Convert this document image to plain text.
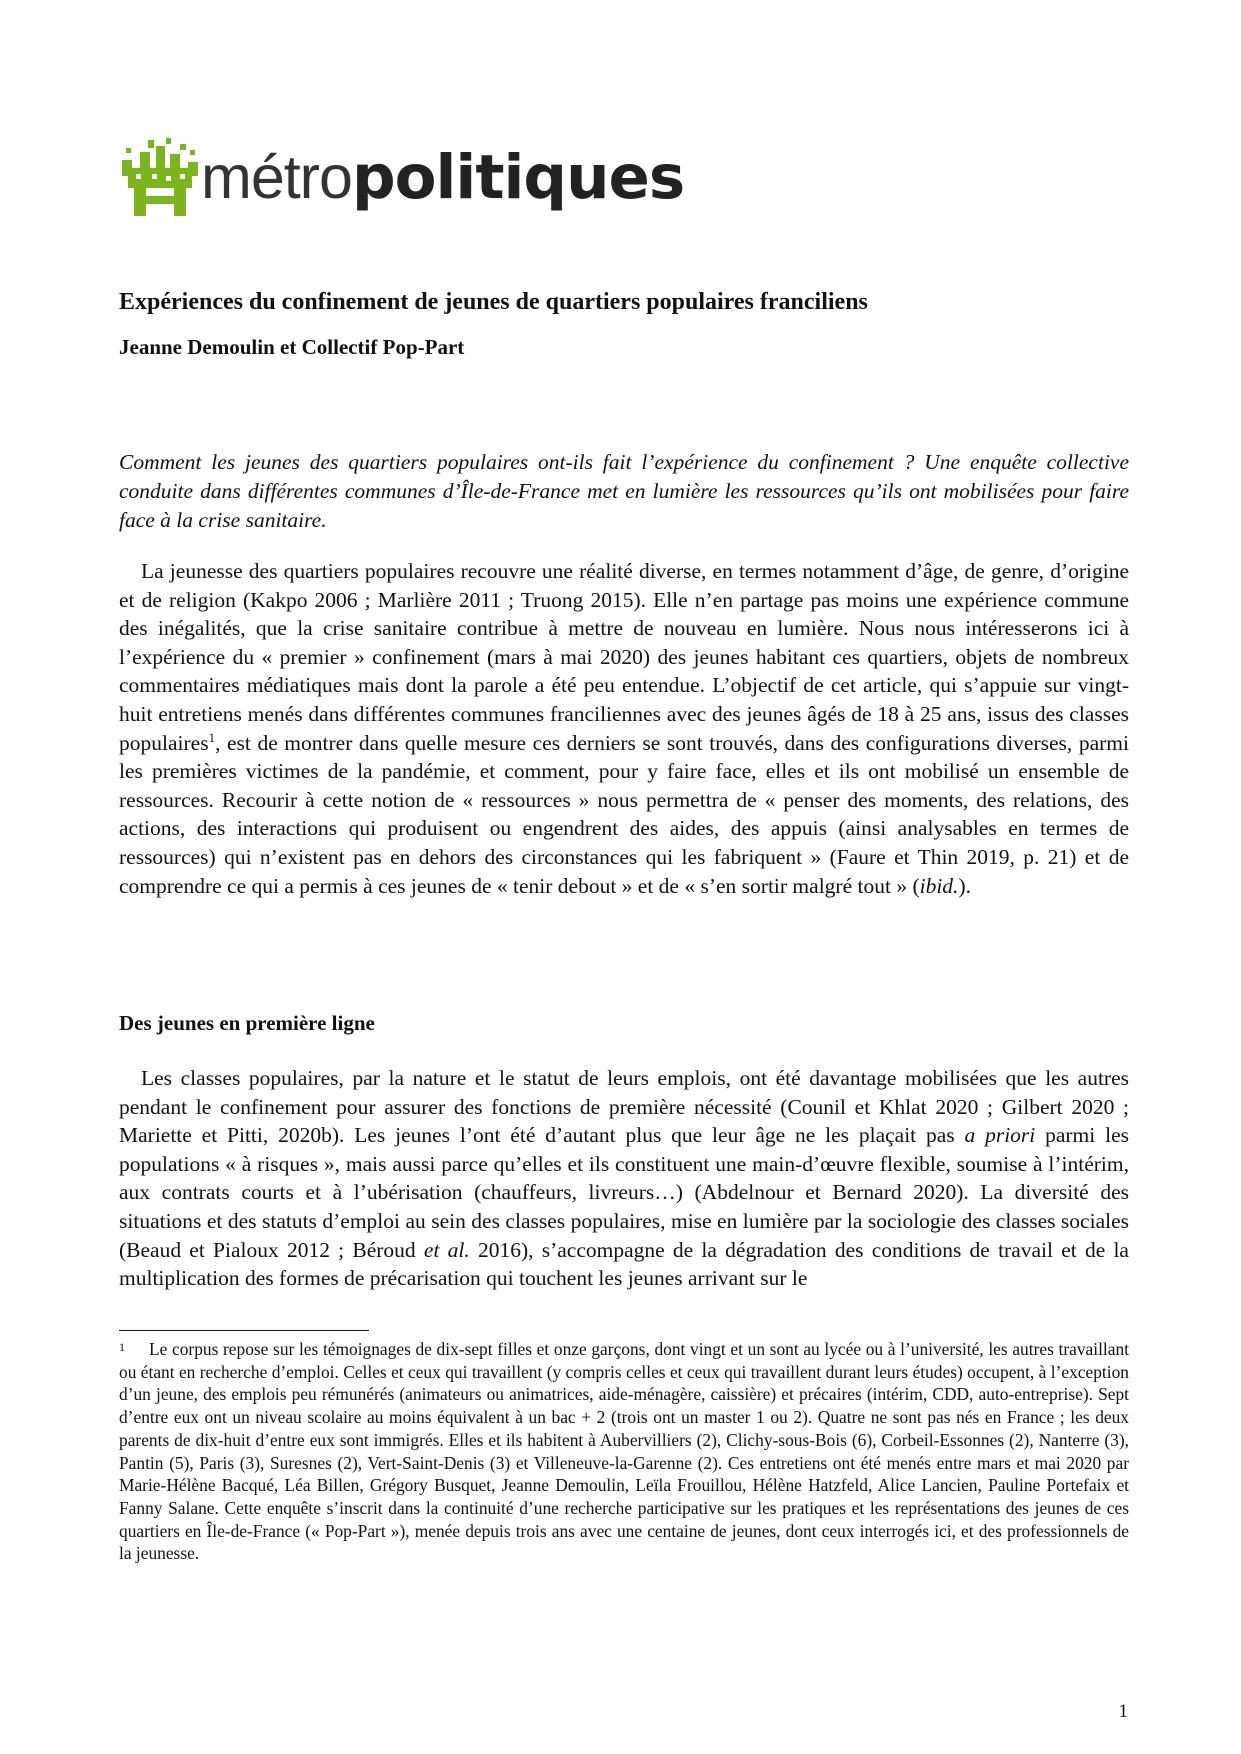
métropolitiques
Expériences du confinement de jeunes de quartiers populaires franciliens

Jeanne Demoulin et Collectif Pop-Part

Comment les jeunes des quartiers populaires ont-ils fait l’expérience du confinement ? Une enquête collective conduite dans différentes communes d’Île-de-France met en lumière les ressources qu’ils ont mobilisées pour faire face à la crise sanitaire.

La jeunesse des quartiers populaires recouvre une réalité diverse, en termes notamment d’âge, de genre, d’origine et de religion (Kakpo 2006 ; Marlière 2011 ; Truong 2015). Elle n’en partage pas moins une expérience commune des inégalités, que la crise sanitaire contribue à mettre de nouveau en lumière. Nous nous intéresserons ici à l’expérience du « premier » confinement (mars à mai 2020) des jeunes habitant ces quartiers, objets de nombreux commentaires médiatiques mais dont la parole a été peu entendue. L’objectif de cet article, qui s’appuie sur vingt-huit entretiens menés dans différentes communes franciliennes avec des jeunes âgés de 18 à 25 ans, issus des classes populaires$^1$, est de montrer dans quelle mesure ces derniers se sont trouvés, dans des configurations diverses, parmi les premières victimes de la pandémie, et comment, pour y faire face, elles et ils ont mobilisé un ensemble de ressources. Recourir à cette notion de « ressources » nous permettra de « penser des moments, des relations, des actions, des interactions qui produisent ou engendrent des aides, des appuis (ainsi analysables en termes de ressources) qui n’existent pas en dehors des circonstances qui les fabriquent » (Faure et Thin 2019, p. 21) et de comprendre ce qui a permis à ces jeunes de « tenir debout » et de « s’en sortir malgré tout » (ibid.).

Des jeunes en première ligne

Les classes populaires, par la nature et le statut de leurs emplois, ont été davantage mobilisées que les autres pendant le confinement pour assurer des fonctions de première nécessité (Counil et Khlat 2020 ; Gilbert 2020 ; Mariette et Pitti, 2020b). Les jeunes l’ont été d’autant plus que leur âge ne les plaçait pas a priori parmi les populations « à risques », mais aussi parce qu’elles et ils constituent une main-d’œuvre flexible, soumise à l’intérim, aux contrats courts et à l’ubérisation (chauffeurs, livreurs…) (Abdelnour et Bernard 2020). La diversité des situations et des statuts d’emploi au sein des classes populaires, mise en lumière par la sociologie des classes sociales (Beaud et Pialoux 2012 ; Béroud et al. 2016), s’accompagne de la dégradation des conditions de travail et de la multiplication des formes de précarisation qui touchent les jeunes arrivant sur le

1 Le corpus repose sur les témoignages de dix-sept filles et onze garçons, dont vingt et un sont au lycée ou à l’université, les autres travaillant ou étant en recherche d’emploi. Celles et ceux qui travaillent (y compris celles et ceux qui travaillent durant leurs études) occupent, à l’exception d’un jeune, des emplois peu rémunérés (animateurs ou animatrices, aide-ménagère, caissière) et précaires (intérim, CDD, auto-entreprise). Sept d’entre eux ont un niveau scolaire au moins équivalent à un bac + 2 (trois ont un master 1 ou 2). Quatre ne sont pas nés en France ; les deux parents de dix-huit d’entre eux sont immigrés. Elles et ils habitent à Aubervilliers (2), Clichy-sous-Bois (6), Corbeil-Essonnes (2), Nanterre (3), Pantin (5), Paris (3), Suresnes (2), Vert-Saint-Denis (3) et Villeneuve-la-Garenne (2). Ces entretiens ont été menés entre mars et mai 2020 par Marie-Hélène Bacqué, Léa Billen, Grégory Busquet, Jeanne Demoulin, Leïla Frouillou, Hélène Hatzfeld, Alice Lancien, Pauline Portefaix et Fanny Salane. Cette enquête s’inscrit dans la continuité d’une recherche participative sur les pratiques et les représentations des jeunes de ces quartiers en Île-de-France (« Pop-Part »), menée depuis trois ans avec une centaine de jeunes, dont ceux interrogés ici, et des professionnels de la jeunesse.

1
